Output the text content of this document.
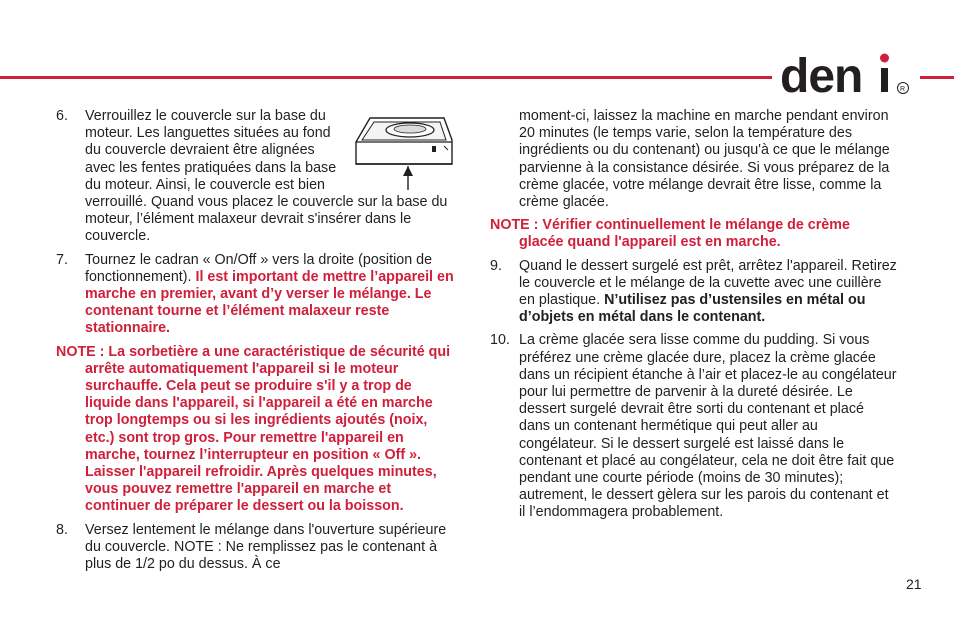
den	R
6. Verrouillez le couvercle sur la base du moteur. Les languettes situées au fond du couvercle devraient être alignées avec les fentes pratiquées dans la base du moteur. Ainsi, le couvercle est bien verrouillé. Quand vous placez le couvercle sur la base du moteur, l’élément malaxeur devrait s'insérer dans le couvercle.
7. Tournez le cadran « On/Off » vers la droite (position de fonctionnement). Il est important de mettre l’appareil en marche en premier, avant d’y verser le mélange. Le contenant tourne et l’élément malaxeur reste stationnaire.
NOTE : La sorbetière a une caractéristique de sécurité qui arrête automatiquement l'appareil si le moteur surchauffe. Cela peut se produire s'il y a trop de liquide dans l'appareil, si l'appareil a été en marche trop longtemps ou si les ingrédients ajoutés (noix, etc.) sont trop gros. Pour remettre l'appareil en marche, tournez l’interrupteur en position « Off ». Laisser l'appareil refroidir. Après quelques minutes, vous pouvez remettre l'appareil en marche et continuer de préparer le dessert ou la boisson.
8. Versez lentement le mélange dans l'ouverture supérieure du couvercle. NOTE : Ne remplissez pas le contenant à plus de 1/2 po du dessus. À ce
moment-ci, laissez la machine en marche pendant environ 20 minutes (le temps varie, selon la température des ingrédients ou du contenant) ou jusqu'à ce que le mélange parvienne à la consistance désirée. Si vous préparez de la crème glacée, votre mélange devrait être lisse, comme la crème glacée.
NOTE : Vérifier continuellement le mélange de crème glacée quand l'appareil est en marche.
9. Quand le dessert surgelé est prêt, arrêtez l'appareil. Retirez le couvercle et le mélange de la cuvette avec une cuillère en plastique. N’utilisez pas d’ustensiles en métal ou d’objets en métal dans le contenant.
10. La crème glacée sera lisse comme du pudding. Si vous préférez une crème glacée dure, placez la crème glacée dans un récipient étanche à l’air et placez-le au congélateur pour lui permettre de parvenir à la dureté désirée. Le dessert surgelé devrait être sorti du contenant et placé dans un contenant hermétique qui peut aller au congélateur. Si le dessert surgelé est laissé dans le contenant et placé au congélateur, cela ne doit être fait que pendant une courte période (moins de 30 minutes); autrement, le dessert gèlera sur les parois du contenant et il l’endommagera probablement.
21
